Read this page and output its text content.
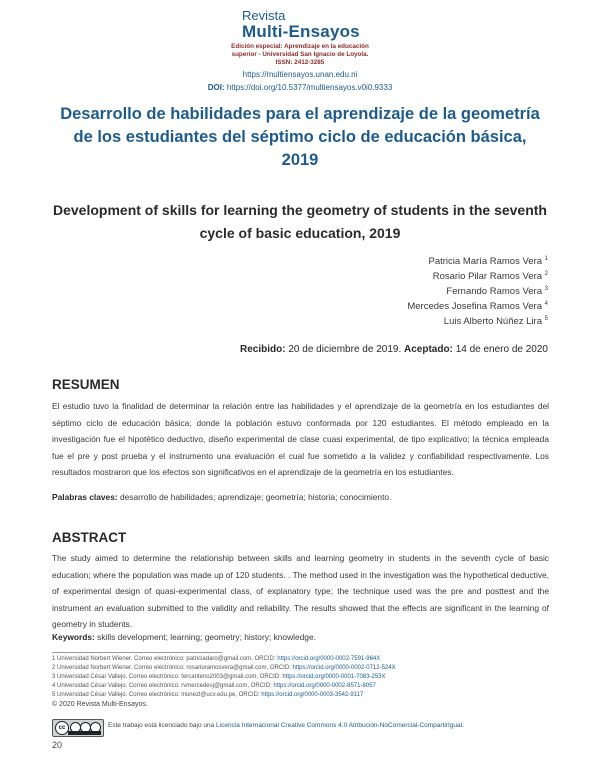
Revista
Multi-Ensayos
Edición especial: Aprendizaje en la educación
superior - Universidad San Ignacio de Loyola.
ISSN: 2412-3285
https://multiensayos.unan.edu.ni
DOI: https://doi.org/10.5377/multiensayos.v0i0.9333
Desarrollo de habilidades para el aprendizaje de la geometría de los estudiantes del séptimo ciclo de educación básica, 2019
Development of skills for learning the geometry of students in the seventh cycle of basic education, 2019
Patricia María Ramos Vera $^1$
Rosario Pilar Ramos Vera $^2$
Fernando Ramos Vera $^3$
Mercedes Josefina Ramos Vera $^4$
Luis Alberto Núñez Lira $^5$
Recibido: 20 de diciembre de 2019. Aceptado: 14 de enero de 2020
RESUMEN
El estudio tuvo la finalidad de determinar la relación entre las habilidades y el aprendizaje de la geometría en los estudiantes del séptimo ciclo de educación básica; donde la población estuvo conformada por 120 estudiantes. El método empleado en la investigación fue el hipotético deductivo, diseño experimental de clase cuasi experimental, de tipo explicativo; la técnica empleada fue el pre y post prueba y el instrumento una evaluación el cual fue sometido a la validez y confiabilidad respectivamente. Los resultados mostraron que los efectos son significativos en el aprendizaje de la geometría en los estudiantes.
Palabras claves: desarrollo de habilidades; aprendizaje; geometría; historia; conocimiento.
ABSTRACT
The study aimed to determine the relationship between skills and learning geometry in students in the seventh cycle of basic education; where the population was made up of 120 students. . The method used in the investigation was the hypothetical deductive, of experimental design of quasi-experimental class, of explanatory type; the technique used was the pre and posttest and the instrument an evaluation submitted to the validity and reliability. The results showed that the effects are significant in the learning of geometry in students.
Keywords: skills development; learning; geometry; history; knowledge.
1 Universidad Norbert Wiener. Correo electrónico: patriciadaro@gmail.com, ORCID: https://orcid.org/0000-0002-7591-964X
2 Universidad Norbert Wiener. Correo electrónico: rosarioramosvera@gmail.com, ORCID: https://orcid.org/0000-0002-0712-524X
3 Universidad César Vallejo. Correo electrónico: fercanteno2003@gmail.com, ORCID: https://orcid.org/0000-0001-7083-253X
4 Universidad César Vallejo. Correo electrónico: rvmercedesj@gmail.com, ORCID: https://orcid.org/0000-0002-8571-8057
5 Universidad César Vallejo. Correo electrónico: lnunezl@ucv.edu.pe, ORCID: https://orcid.org/0000-0003-3542-9117
© 2020 Revista Multi-Ensayos.
cc	Este trabajo está licenciado bajo una Licencia Internacional Creative Commons 4.0 Atribución-NoComercial-CompartirIgual.
20
